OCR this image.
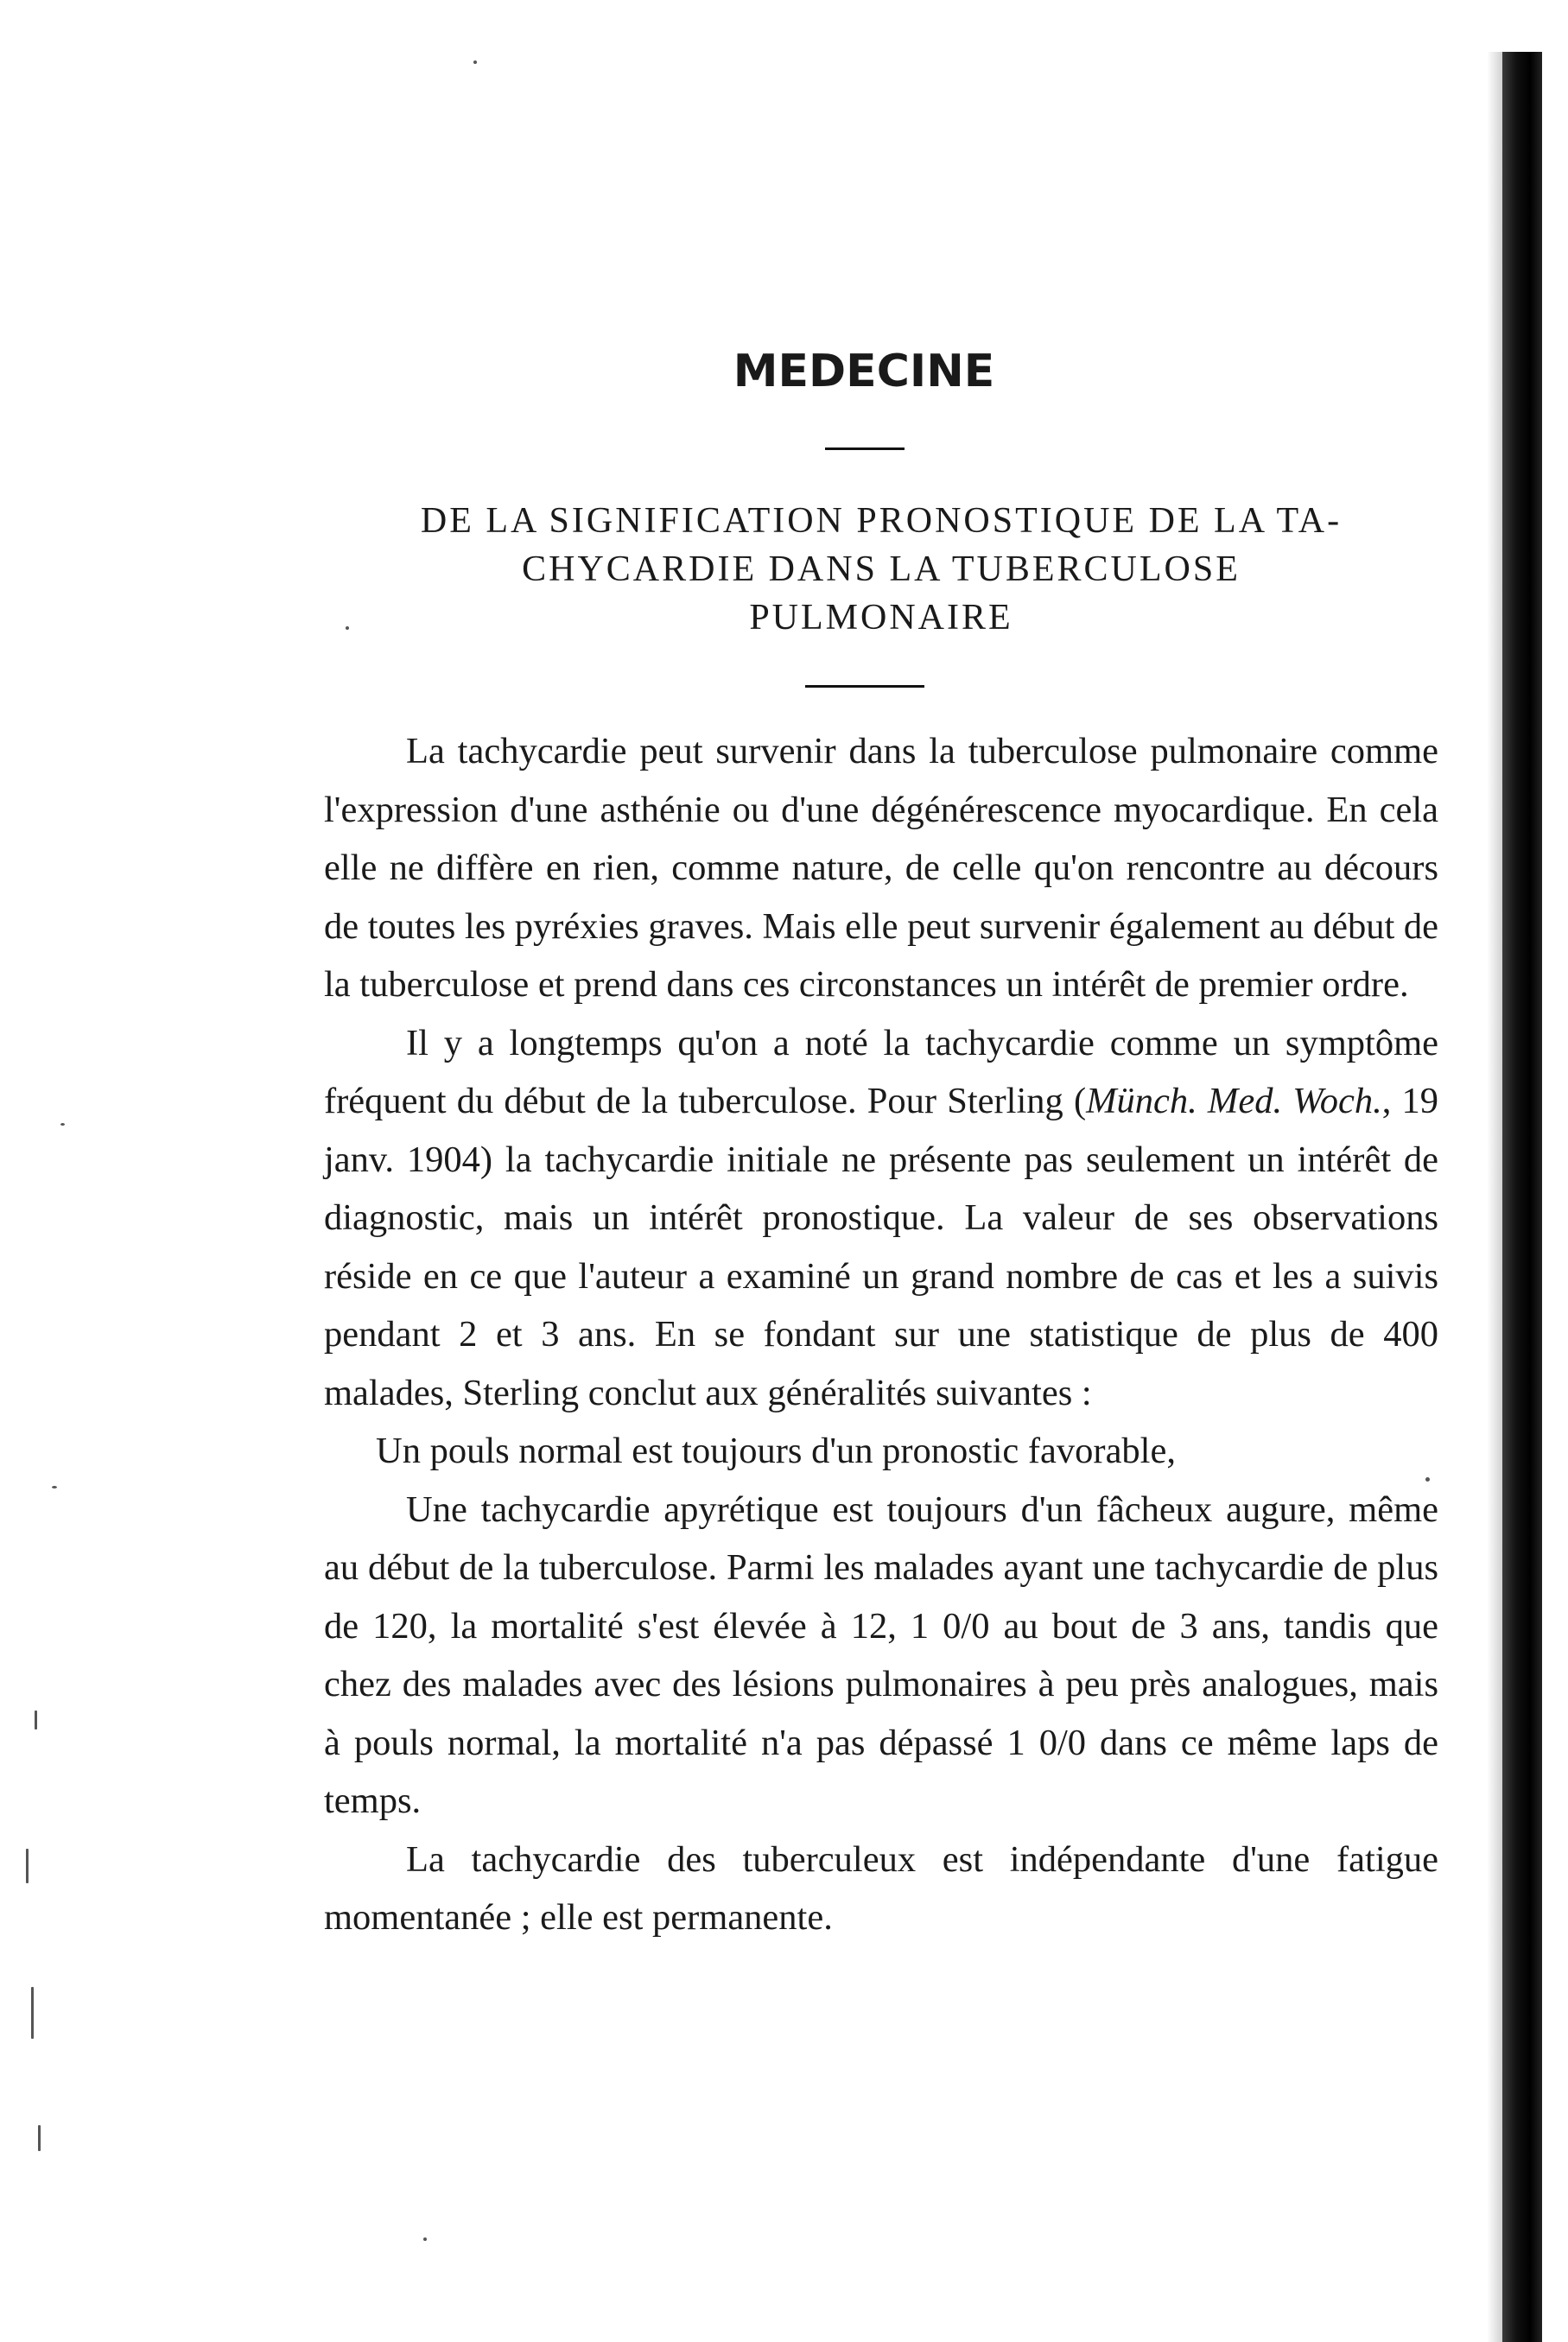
MEDECINE
DE LA SIGNIFICATION PRONOSTIQUE DE LA TA-
CHYCARDIE DANS LA TUBERCULOSE
PULMONAIRE

La tachycardie peut survenir dans la tuberculose pulmonaire comme l'expression d'une asthénie ou d'une dégénérescence myocardique. En cela elle ne diffère en rien, comme nature, de celle qu'on rencontre au décours de toutes les pyréxies graves. Mais elle peut survenir également au début de la tuberculose et prend dans ces circonstances un intérêt de premier ordre.

Il y a longtemps qu'on a noté la tachycardie comme un symptôme fréquent du début de la tuberculose. Pour Sterling (Münch. Med. Woch., 19 janv. 1904) la tachycardie initiale ne présente pas seulement un intérêt de diagnostic, mais un intérêt pronostique. La valeur de ses observations réside en ce que l'auteur a examiné un grand nombre de cas et les a suivis pendant 2 et 3 ans. En se fondant sur une statistique de plus de 400 malades, Sterling conclut aux généralités suivantes :

Un pouls normal est toujours d'un pronostic favorable,

Une tachycardie apyrétique est toujours d'un fâcheux augure, même au début de la tuberculose. Parmi les malades ayant une tachycardie de plus de 120, la mortalité s'est élevée à 12, 1 0/0 au bout de 3 ans, tandis que chez des malades avec des lésions pulmonaires à peu près analogues, mais à pouls normal, la mortalité n'a pas dépassé 1 0/0 dans ce même laps de temps.

La tachycardie des tuberculeux est indépendante d'une fatigue momentanée ; elle est permanente.
